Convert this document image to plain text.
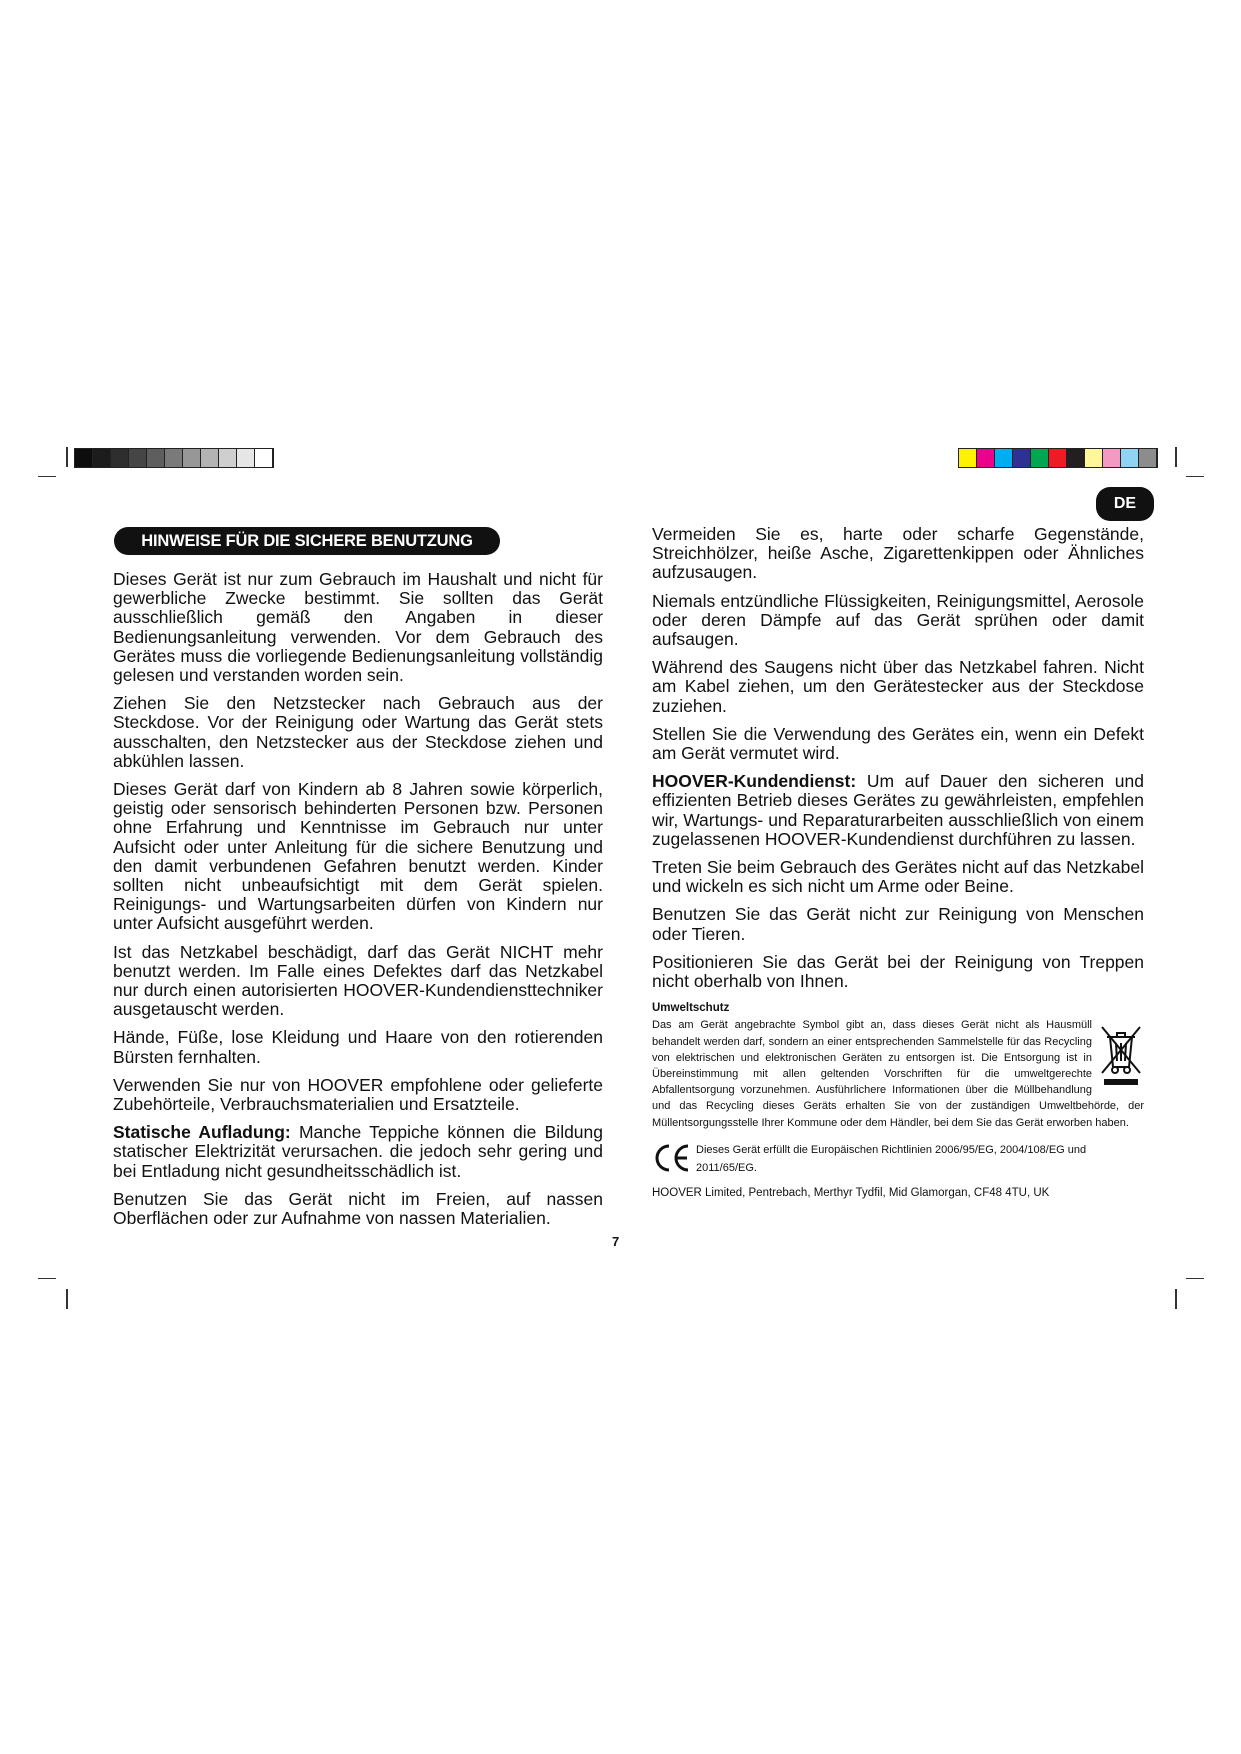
DE
HINWEISE FÜR DIE SICHERE BENUTZUNG

Dieses Gerät ist nur zum Gebrauch im Haushalt und nicht für gewerbliche Zwecke bestimmt. Sie sollten das Gerät ausschließlich gemäß den Angaben in dieser Bedienungsanleitung verwenden. Vor dem Gebrauch des Gerätes muss die vorliegende Bedienungsanleitung vollständig gelesen und verstanden worden sein.

Ziehen Sie den Netzstecker nach Gebrauch aus der Steckdose. Vor der Reinigung oder Wartung das Gerät stets ausschalten, den Netzstecker aus der Steckdose ziehen und abkühlen lassen.

Dieses Gerät darf von Kindern ab 8 Jahren sowie körperlich, geistig oder sensorisch behinderten Personen bzw. Personen ohne Erfahrung und Kenntnisse im Gebrauch nur unter Aufsicht oder unter Anleitung für die sichere Benutzung und den damit verbundenen Gefahren benutzt werden. Kinder sollten nicht unbeaufsichtigt mit dem Gerät spielen. Reinigungs- und Wartungsarbeiten dürfen von Kindern nur unter Aufsicht ausgeführt werden.

Ist das Netzkabel beschädigt, darf das Gerät NICHT mehr benutzt werden. Im Falle eines Defektes darf das Netzkabel nur durch einen autorisierten HOOVER-Kundendiensttechniker ausgetauscht werden.

Hände, Füße, lose Kleidung und Haare von den rotierenden Bürsten fernhalten.

Verwenden Sie nur von HOOVER empfohlene oder gelieferte Zubehörteile, Verbrauchsmaterialien und Ersatzteile.

Statische Aufladung: Manche Teppiche können die Bildung statischer Elektrizität verursachen. die jedoch sehr gering und bei Entladung nicht gesundheitsschädlich ist.

Benutzen Sie das Gerät nicht im Freien, auf nassen Oberflächen oder zur Aufnahme von nassen Materialien.

Vermeiden Sie es, harte oder scharfe Gegenstände, Streichhölzer, heiße Asche, Zigarettenkippen oder Ähnliches aufzusaugen.

Niemals entzündliche Flüssigkeiten, Reinigungsmittel, Aerosole oder deren Dämpfe auf das Gerät sprühen oder damit aufsaugen.

Während des Saugens nicht über das Netzkabel fahren. Nicht am Kabel ziehen, um den Gerätestecker aus der Steckdose zuziehen.

Stellen Sie die Verwendung des Gerätes ein, wenn ein Defekt am Gerät vermutet wird.

HOOVER-Kundendienst: Um auf Dauer den sicheren und effizienten Betrieb dieses Gerätes zu gewährleisten, empfehlen wir, Wartungs- und Reparaturarbeiten ausschließlich von einem zugelassenen HOOVER-Kundendienst durchführen zu lassen.

Treten Sie beim Gebrauch des Gerätes nicht auf das Netzkabel und wickeln es sich nicht um Arme oder Beine.

Benutzen Sie das Gerät nicht zur Reinigung von Menschen oder Tieren.

Positionieren Sie das Gerät bei der Reinigung von Treppen nicht oberhalb von Ihnen.

Umweltschutz
Das am Gerät angebrachte Symbol gibt an, dass dieses Gerät nicht als Hausmüll behandelt werden darf, sondern an einer entsprechenden Sammelstelle für das Recycling von elektrischen und elektronischen Geräten zu entsorgen ist. Die Entsorgung ist in Übereinstimmung mit allen geltenden Vorschriften für die umweltgerechte Abfallentsorgung vorzunehmen. Ausführlichere Informationen über die Müllbehandlung und das Recycling dieses Geräts erhalten Sie von der zuständigen Umweltbehörde, der Müllentsorgungsstelle Ihrer Kommune oder dem Händler, bei dem Sie das Gerät erworben haben.
Dieses Gerät erfüllt die Europäischen Richtlinien 2006/95/EG, 2004/108/EG und 2011/65/EG.
HOOVER Limited, Pentrebach, Merthyr Tydfil, Mid Glamorgan, CF48 4TU, UK
7
